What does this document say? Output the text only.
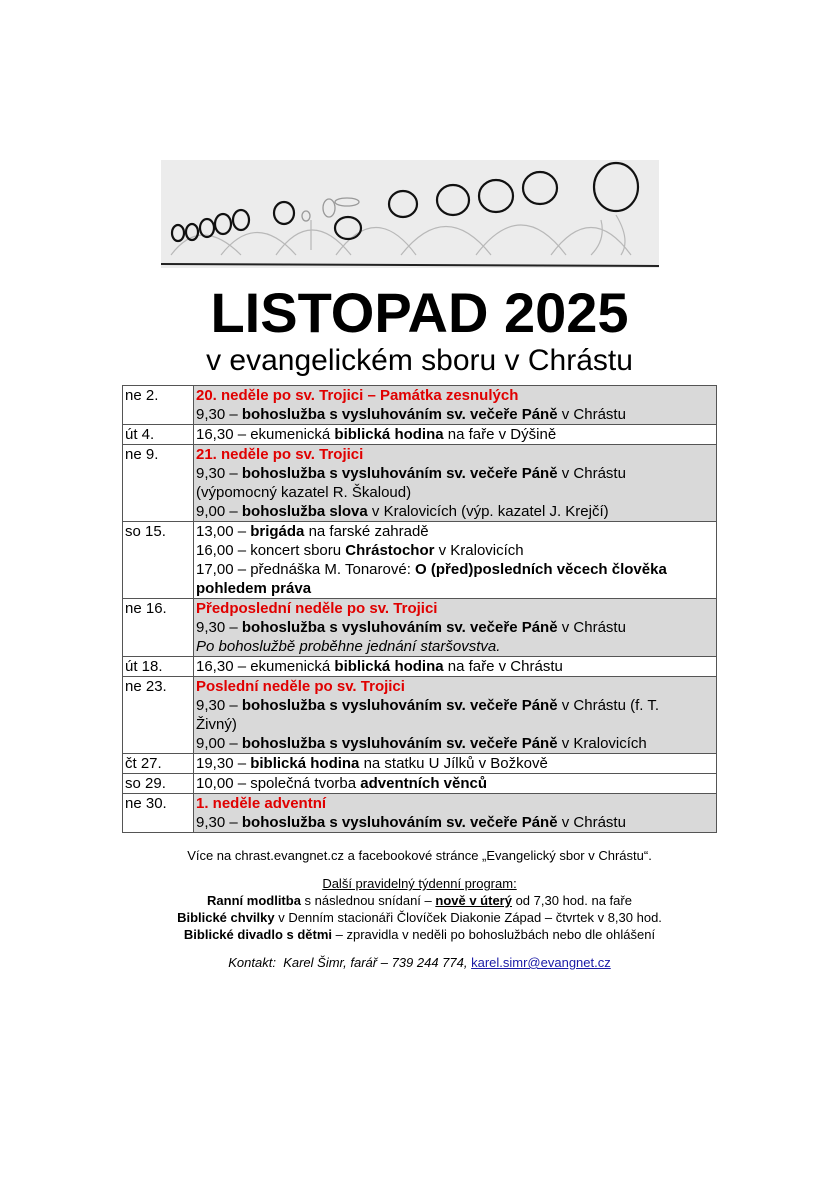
LISTOPAD 2025
v evangelickém sboru v Chrástu
ne 2.	20. neděle po sv. Trojici – Památka zesnulých
9,30 – bohoslužba s vysluhováním sv. večeře Páně v Chrástu

út 4.	16,30 – ekumenická biblická hodina na faře v Dýšině

ne 9.	21. neděle po sv. Trojici
9,30 – bohoslužba s vysluhováním sv. večeře Páně v Chrástu
(výpomocný kazatel R. Škaloud)
9,00 – bohoslužba slova v Kralovicích (výp. kazatel J. Krejčí)

so 15.	13,00 – brigáda na farské zahradě
16,00 – koncert sboru Chrástochor v Kralovicích
17,00 – přednáška M. Tonarové: O (před)posledních věcech člověka
pohledem práva

ne 16.	Předposlední neděle po sv. Trojici
9,30 – bohoslužba s vysluhováním sv. večeře Páně v Chrástu
Po bohoslužbě proběhne jednání staršovstva.

út 18.	16,30 – ekumenická biblická hodina na faře v Chrástu

ne 23.	Poslední neděle po sv. Trojici
9,30 – bohoslužba s vysluhováním sv. večeře Páně v Chrástu (f. T.
Živný)
9,00 – bohoslužba s vysluhováním sv. večeře Páně v Kralovicích

čt 27.	19,30 – biblická hodina na statku U Jílků v Božkově

so 29.	10,00 – společná tvorba adventních věnců

ne 30.	1. neděle adventní
9,30 – bohoslužba s vysluhováním sv. večeře Páně v Chrástu
Více na chrast.evangnet.cz a facebookové stránce „Evangelický sbor v Chrástu“.
Další pravidelný týdenní program:
Ranní modlitba s následnou snídaní – nově v úterý od 7,30 hod. na faře
Biblické chvilky v Denním stacionáři Človíček Diakonie Západ – čtvrtek v 8,30 hod.
Biblické divadlo s dětmi – zpravidla v neděli po bohoslužbách nebo dle ohlášení
Kontakt: Karel Šimr, farář – 739 244 774, karel.simr@evangnet.cz
